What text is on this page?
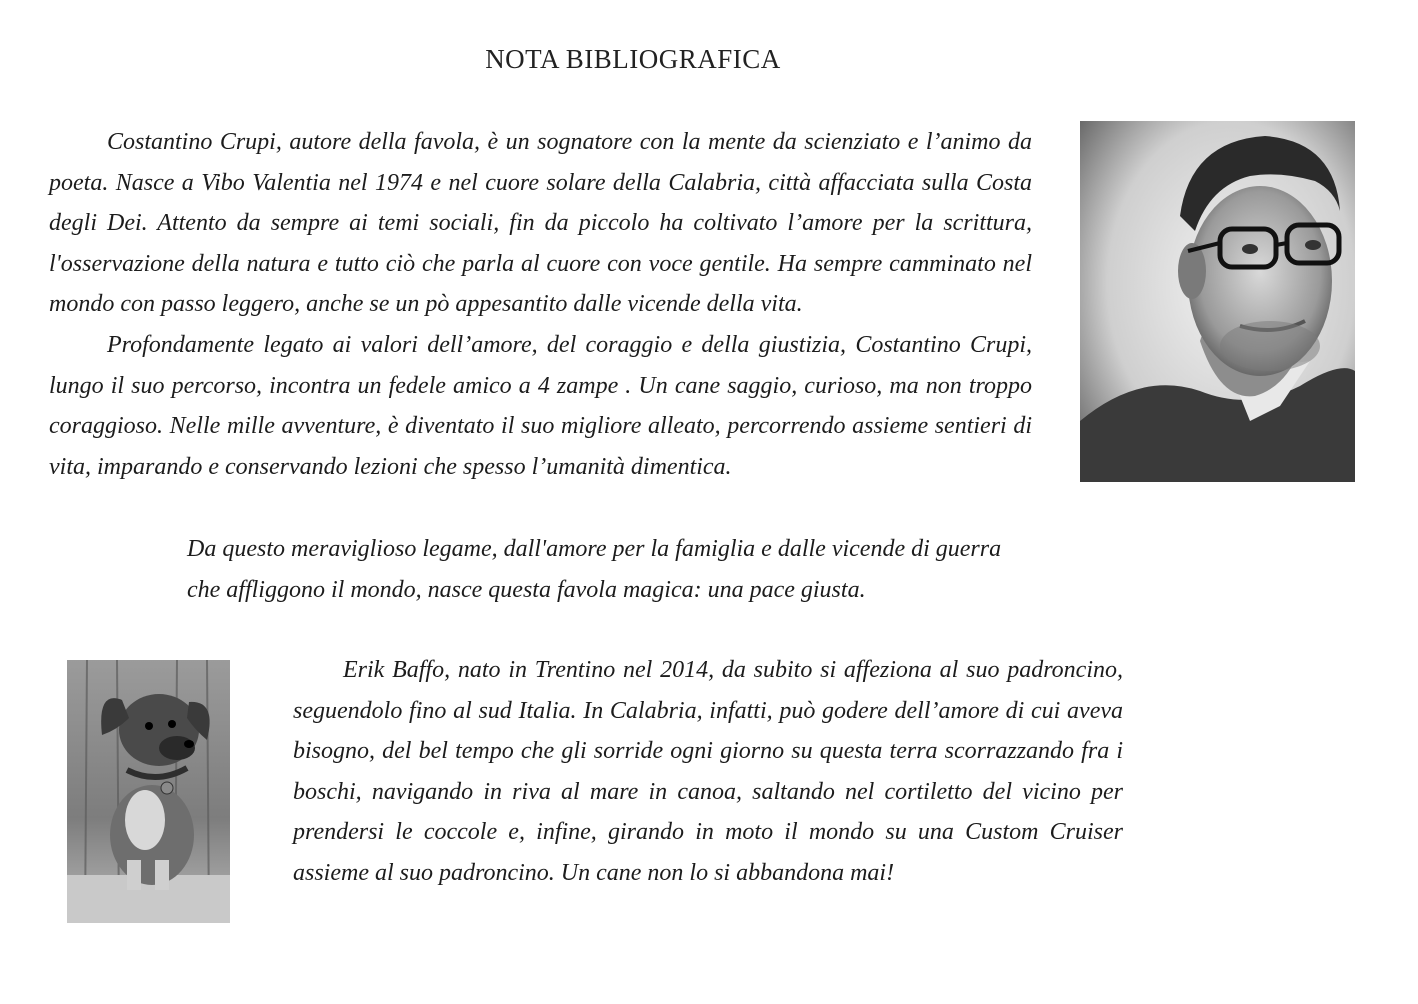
NOTA BIBLIOGRAFICA

Costantino Crupi, autore della favola, è un sognatore con la mente da scienziato e l’animo da poeta. Nasce a Vibo Valentia nel 1974 e nel cuore solare della Calabria, città affacciata sulla Costa degli Dei. Attento da sempre ai temi sociali, fin da piccolo ha coltivato l’amore per la scrittura, l'osservazione della natura e tutto ciò che parla al cuore con voce gentile. Ha sempre camminato nel mondo con passo leggero, anche se un pò appesantito dalle vicende della vita.

Profondamente legato ai valori dell’amore, del coraggio e della giustizia, Costantino Crupi, lungo il suo percorso, incontra un fedele amico a 4 zampe . Un cane saggio, curioso, ma non troppo coraggioso. Nelle mille avventure, è diventato il suo migliore alleato, percorrendo assieme sentieri di vita, imparando e conservando lezioni che spesso l’umanità dimentica.

Da questo meraviglioso legame, dall'amore per la famiglia e dalle vicende di guerra che affliggono il mondo, nasce questa favola magica: una pace giusta.

Erik Baffo, nato in Trentino nel 2014, da subito si affeziona al suo padroncino, seguendolo fino al sud Italia. In Calabria, infatti, può godere dell’amore di cui aveva bisogno, del bel tempo che gli sorride ogni giorno su questa terra scorrazzando fra i boschi, navigando in riva al mare in canoa, saltando nel cortiletto del vicino per prendersi le coccole e, infine, girando in moto il mondo su una Custom Cruiser assieme al suo padroncino. Un cane non lo si abbandona mai!
